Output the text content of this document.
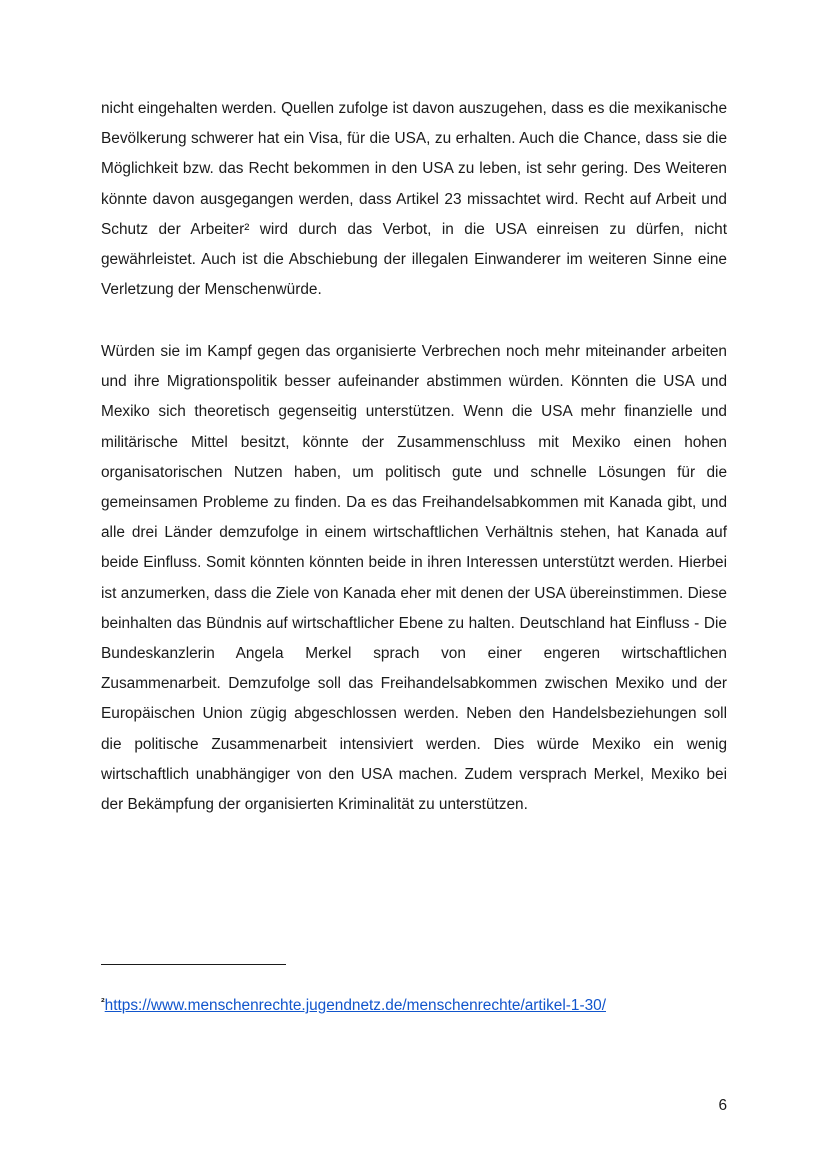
nicht eingehalten werden. Quellen zufolge ist davon auszugehen, dass es die mexikanische Bevölkerung schwerer hat ein Visa, für die USA, zu erhalten. Auch die Chance, dass sie die Möglichkeit bzw. das Recht bekommen in den USA zu leben, ist sehr gering. Des Weiteren könnte davon ausgegangen werden, dass Artikel 23 missachtet wird. Recht auf Arbeit und Schutz der Arbeiter² wird durch das Verbot, in die USA einreisen zu dürfen, nicht gewährleistet. Auch ist die Abschiebung der illegalen Einwanderer im weiteren Sinne eine Verletzung der Menschenwürde.

Würden sie im Kampf gegen das organisierte Verbrechen noch mehr miteinander arbeiten und ihre Migrationspolitik besser aufeinander abstimmen würden. Könnten die USA und Mexiko sich theoretisch gegenseitig unterstützen. Wenn die USA mehr finanzielle und militärische Mittel besitzt, könnte der Zusammenschluss mit Mexiko einen hohen organisatorischen Nutzen haben, um politisch gute und schnelle Lösungen für die gemeinsamen Probleme zu finden. Da es das Freihandelsabkommen mit Kanada gibt, und alle drei Länder demzufolge in einem wirtschaftlichen Verhältnis stehen, hat Kanada auf beide Einfluss. Somit könnten könnten beide in ihren Interessen unterstützt werden. Hierbei ist anzumerken, dass die Ziele von Kanada eher mit denen der USA übereinstimmen. Diese beinhalten das Bündnis auf wirtschaftlicher Ebene zu halten. Deutschland hat Einfluss - Die Bundeskanzlerin Angela Merkel sprach von einer engeren wirtschaftlichen Zusammenarbeit. Demzufolge soll das Freihandelsabkommen zwischen Mexiko und der Europäischen Union zügig abgeschlossen werden. Neben den Handelsbeziehungen soll die politische Zusammenarbeit intensiviert werden. Dies würde Mexiko ein wenig wirtschaftlich unabhängiger von den USA machen. Zudem versprach Merkel, Mexiko bei der Bekämpfung der organisierten Kriminalität zu unterstützen.

$^{^2}$https://www.menschenrechte.jugendnetz.de/menschenrechte/artikel-1-30/
6
